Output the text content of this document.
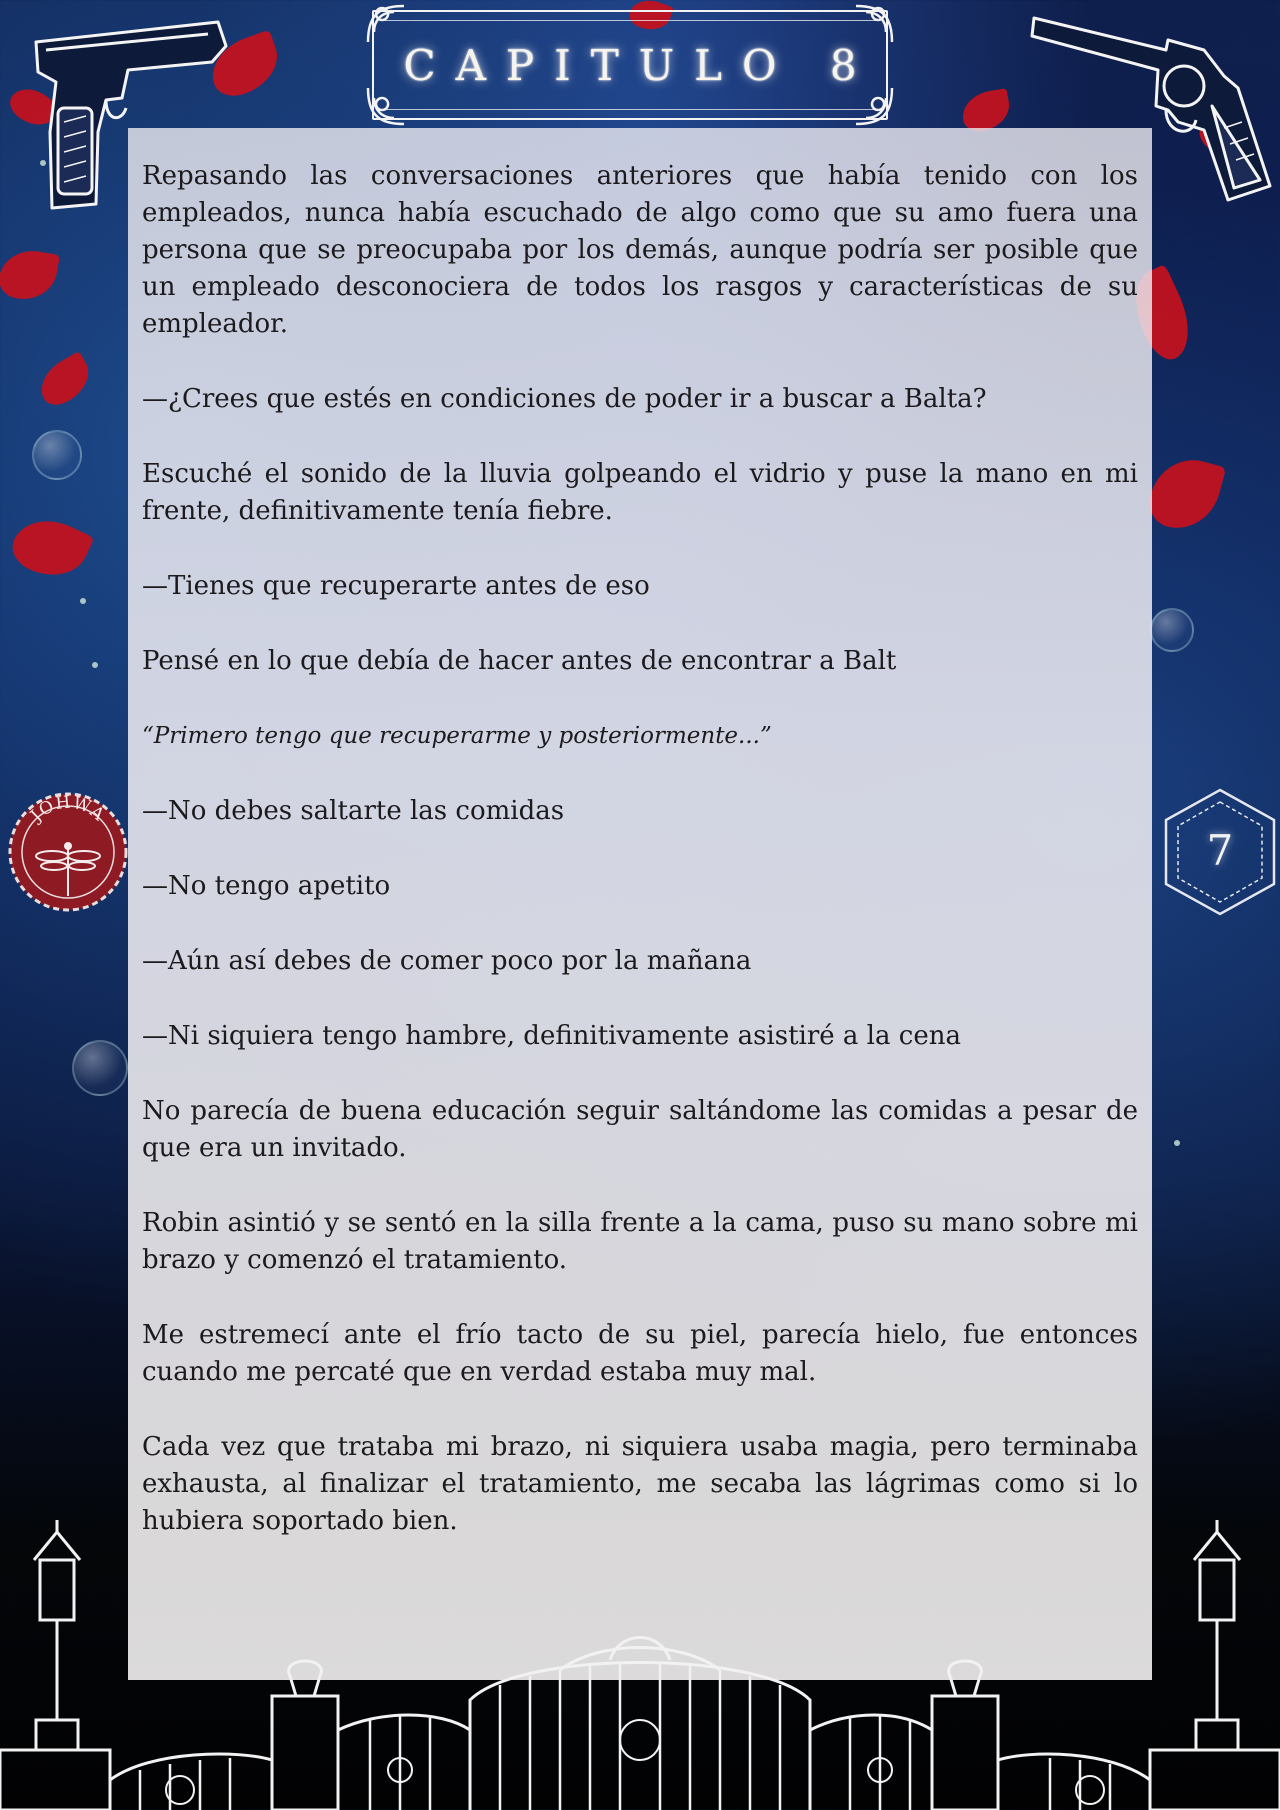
CAPITULO 8

Repasando las conversaciones anteriores que había tenido con los empleados, nunca había escuchado de algo como que su amo fuera una persona que se preocupaba por los demás, aunque podría ser posible que un empleado desconociera de todos los rasgos y características de su empleador.

—¿Crees que estés en condiciones de poder ir a buscar a Balta?

Escuché el sonido de la lluvia golpeando el vidrio y puse la mano en mi frente, definitivamente tenía fiebre.

—Tienes que recuperarte antes de eso

Pensé en lo que debía de hacer antes de encontrar a Balt

“Primero tengo que recuperarme y posteriormente...”

—No debes saltarte las comidas

—No tengo apetito

—Aún así debes de comer poco por la mañana

—Ni siquiera tengo hambre, definitivamente asistiré a la cena

No parecía de buena educación seguir saltándome las comidas a pesar de que era un invitado.

Robin asintió y se sentó en la silla frente a la cama, puso su mano sobre mi brazo y comenzó el tratamiento.

Me estremecí ante el frío tacto de su piel, parecía hielo, fue entonces cuando me percaté que en verdad estaba muy mal.

Cada vez que trataba mi brazo, ni siquiera usaba magia, pero terminaba exhausta, al finalizar el tratamiento, me secaba las lágrimas como si lo hubiera soportado bien.

JOHWA
7
